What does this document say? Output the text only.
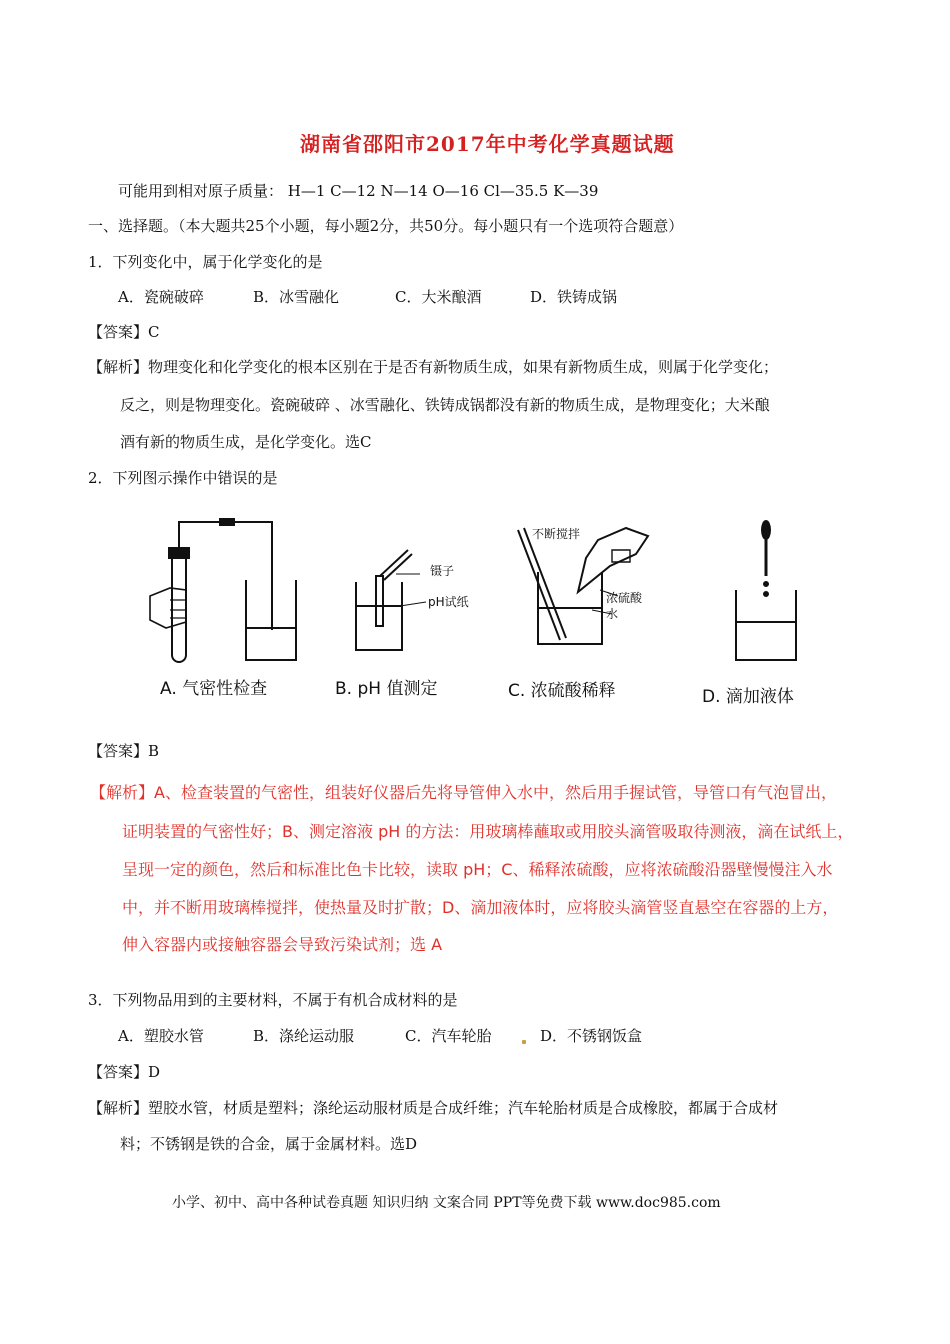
湖南省邵阳市2017年中考化学真题试题
可能用到相对原子质量： H—1 C—12 N—14 O—16 Cl—35.5 K—39
一、选择题。（本大题共25个小题，每小题2分，共50分。每小题只有一个选项符合题意）
1．下列变化中，属于化学变化的是
A．瓷碗破碎	B．冰雪融化	C．大米酿酒	D．铁铸成锅
【答案】C
【解析】物理变化和化学变化的根本区别在于是否有新物质生成，如果有新物质生成，则属于化学变化；
反之，则是物理变化。瓷碗破碎 、冰雪融化、铁铸成锅都没有新的物质生成，是物理变化；大米酿
酒有新的物质生成，是化学变化。选C
2．下列图示操作中错误的是
镊子
pH试纸
不断搅拌
浓硫酸
水
A. 气密性检查	B. pH 值测定	C. 浓硫酸稀释	D. 滴加液体
【答案】B
【解析】A、检查装置的气密性，组装好仪器后先将导管伸入水中，然后用手握试管，导管口有气泡冒出，
证明装置的气密性好；B、测定溶液 pH 的方法：用玻璃棒蘸取或用胶头滴管吸取待测液，滴在试纸上，
呈现一定的颜色，然后和标准比色卡比较，读取 pH；C、稀释浓硫酸，应将浓硫酸沿器壁慢慢注入水
中，并不断用玻璃棒搅拌，使热量及时扩散；D、滴加液体时，应将胶头滴管竖直悬空在容器的上方，
伸入容器内或接触容器会导致污染试剂；选 A
3．下列物品用到的主要材料，不属于有机合成材料的是
A．塑胶水管	B．涤纶运动服	C．汽车轮胎	D．不锈钢饭盒
【答案】D
【解析】塑胶水管，材质是塑料；涤纶运动服材质是合成纤维；汽车轮胎材质是合成橡胶，都属于合成材
料；不锈钢是铁的合金，属于金属材料。选D
小学、初中、高中各种试卷真题 知识归纳 文案合同 PPT等免费下载 www.doc985.com
